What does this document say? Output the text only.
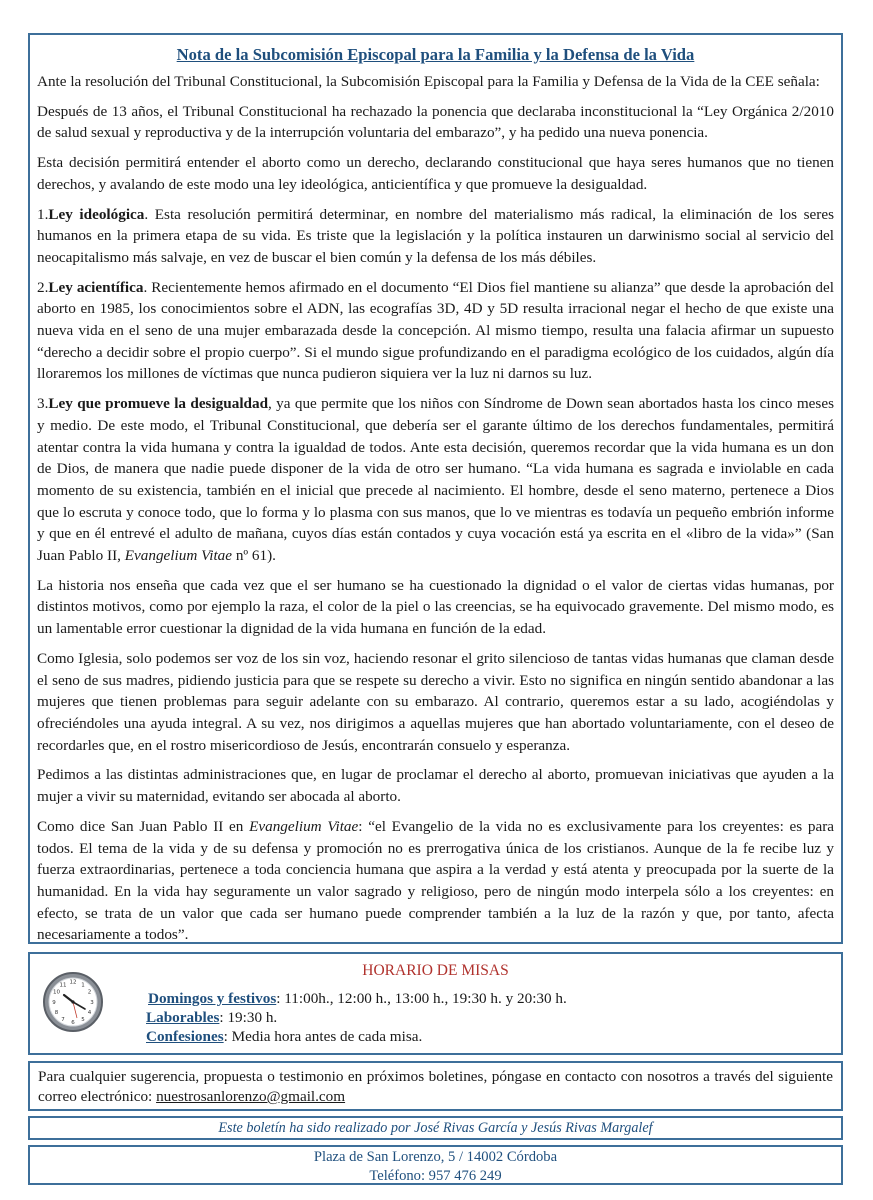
Nota de la Subcomisión Episcopal para la Familia y la Defensa de la Vida

Ante la resolución del Tribunal Constitucional, la Subcomisión Episcopal para la Familia y Defensa de la Vida de la CEE señala:

Después de 13 años, el Tribunal Constitucional ha rechazado la ponencia que declaraba inconstitucional la “Ley Orgánica 2/2010 de salud sexual y reproductiva y de la interrupción voluntaria del embarazo”, y ha pedido una nueva ponencia.

Esta decisión permitirá entender el aborto como un derecho, declarando constitucional que haya seres humanos que no tienen derechos, y avalando de este modo una ley ideológica, anticientífica y que promueve la desigualdad.

1.Ley ideológica. Esta resolución permitirá determinar, en nombre del materialismo más radical, la eliminación de los seres humanos en la primera etapa de su vida. Es triste que la legislación y la política instauren un darwinismo social al servicio del neocapitalismo más salvaje, en vez de buscar el bien común y la defensa de los más débiles.

2.Ley acientífica. Recientemente hemos afirmado en el documento “El Dios fiel mantiene su alianza” que desde la aprobación del aborto en 1985, los conocimientos sobre el ADN, las ecografías 3D, 4D y 5D resulta irracional negar el hecho de que existe una nueva vida en el seno de una mujer embarazada desde la concepción. Al mismo tiempo, resulta una falacia afirmar un supuesto “derecho a decidir sobre el propio cuerpo”. Si el mundo sigue profundizando en el paradigma ecológico de los cuidados, algún día lloraremos los millones de víctimas que nunca pudieron siquiera ver la luz ni darnos su luz.

3.Ley que promueve la desigualdad, ya que permite que los niños con Síndrome de Down sean abortados hasta los cinco meses y medio. De este modo, el Tribunal Constitucional, que debería ser el garante último de los derechos fundamentales, permitirá atentar contra la vida humana y contra la igualdad de todos. Ante esta decisión, queremos recordar que la vida humana es un don de Dios, de manera que nadie puede disponer de la vida de otro ser humano. “La vida humana es sagrada e inviolable en cada momento de su existencia, también en el inicial que precede al nacimiento. El hombre, desde el seno materno, pertenece a Dios que lo escruta y conoce todo, que lo forma y lo plasma con sus manos, que lo ve mientras es todavía un pequeño embrión informe y que en él entrevé el adulto de mañana, cuyos días están contados y cuya vocación está ya escrita en el «libro de la vida»” (San Juan Pablo II, Evangelium Vitae nº 61).

La historia nos enseña que cada vez que el ser humano se ha cuestionado la dignidad o el valor de ciertas vidas humanas, por distintos motivos, como por ejemplo la raza, el color de la piel o las creencias, se ha equivocado gravemente. Del mismo modo, es un lamentable error cuestionar la dignidad de la vida humana en función de la edad.

Como Iglesia, solo podemos ser voz de los sin voz, haciendo resonar el grito silencioso de tantas vidas humanas que claman desde el seno de sus madres, pidiendo justicia para que se respete su derecho a vivir. Esto no significa en ningún sentido abandonar a las mujeres que tienen problemas para seguir adelante con su embarazo. Al contrario, queremos estar a su lado, acogiéndolas y ofreciéndoles una ayuda integral. A su vez, nos dirigimos a aquellas mujeres que han abortado voluntariamente, con el deseo de recordarles que, en el rostro misericordioso de Jesús, encontrarán consuelo y esperanza.

Pedimos a las distintas administraciones que, en lugar de proclamar el derecho al aborto, promuevan iniciativas que ayuden a la mujer a vivir su maternidad, evitando ser abocada al aborto.

Como dice San Juan Pablo II en Evangelium Vitae: “el Evangelio de la vida no es exclusivamente para los creyentes: es para todos. El tema de la vida y de su defensa y promoción no es prerrogativa única de los cristianos. Aunque de la fe recibe luz y fuerza extraordinarias, pertenece a toda conciencia humana que aspira a la verdad y está atenta y preocupada por la suerte de la humanidad. En la vida hay seguramente un valor sagrado y religioso, pero de ningún modo interpela sólo a los creyentes: en efecto, se trata de un valor que cada ser humano puede comprender también a la luz de la razón y que, por tanto, afecta necesariamente a todos”.

12 1
2
3
4
5
6
7
8
9
10
11
HORARIO DE MISAS
Domingos y festivos: 11:00h., 12:00 h., 13:00 h., 19:30 h. y 20:30 h.
Laborables: 19:30 h.
Confesiones: Media hora antes de cada misa.

Para cualquier sugerencia, propuesta o testimonio en próximos boletines, póngase en contacto con nosotros a través del siguiente correo electrónico: nuestrosanlorenzo@gmail.com

Este boletín ha sido realizado por José Rivas García y Jesús Rivas Margalef
Plaza de San Lorenzo, 5 / 14002 Córdoba
Teléfono: 957 476 249
